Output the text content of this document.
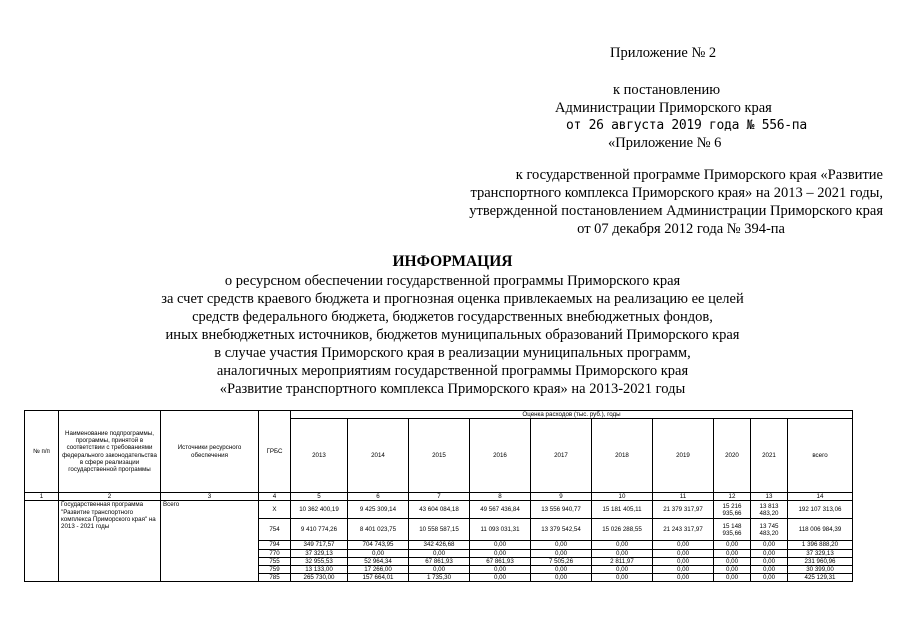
Приложение № 2
к постановлению
Администрации Приморского края
от 26 августа 2019 года № 556-па
«Приложение № 6
к государственной программе Приморского края «Развитие
транспортного комплекса Приморского края» на 2013 – 2021 годы,
утвержденной постановлением Администрации Приморского края
от 07 декабря 2012 года № 394-па
ИНФОРМАЦИЯ
о ресурсном обеспечении государственной программы Приморского края
за счет средств краевого бюджета и прогнозная оценка привлекаемых на реализацию ее целей
средств федерального бюджета, бюджетов государственных внебюджетных фондов,
иных внебюджетных источников, бюджетов муниципальных образований Приморского края
в случае участия Приморского края в реализации муниципальных программ,
аналогичных мероприятиям государственной программы Приморского края
«Развитие транспортного комплекса Приморского края» на 2013-2021 годы
№ п/п	Наименование подпрограммы, программы, принятой в соответствии с требованиями федерального законодательства в сфере реализации государственной программы	Источники ресурсного обеспечения	ГРБС	Оценка расходов (тыс. руб.), годы									
				2013	2014	2015	2016	2017	2018	2019	2020	2021	всего
1	2	3	4	5	6	7	8	9	10	11	12	13	14
	Государственная программа "Развитие транспортного комплекса Приморского края" на 2013 - 2021 годы	Всего	Х	10 362 400,19	9 425 309,14	43 604 084,18	49 567 436,84	13 556 940,77	15 181 405,11	21 379 317,97	15 216 935,66	13 813 483,20	192 107 313,06
			754	9 410 774,26	8 401 023,75	10 558 587,15	11 093 031,31	13 379 542,54	15 026 288,55	21 243 317,97	15 148 935,66	13 745 483,20	118 006 984,39
			794	349 717,57	704 743,95	342 426,68	0,00	0,00	0,00	0,00	0,00	0,00	1 396 888,20
			770	37 329,13	0,00	0,00	0,00	0,00	0,00	0,00	0,00	0,00	37 329,13
			755	32 955,53	52 964,34	67 861,93	67 861,93	7 505,26	2 811,97	0,00	0,00	0,00	231 960,96
			759	13 133,00	17 266,00	0,00	0,00	0,00	0,00	0,00	0,00	0,00	30 399,00
			785	265 730,00	157 664,01	1 735,30	0,00	0,00	0,00	0,00	0,00	0,00	425 129,31
